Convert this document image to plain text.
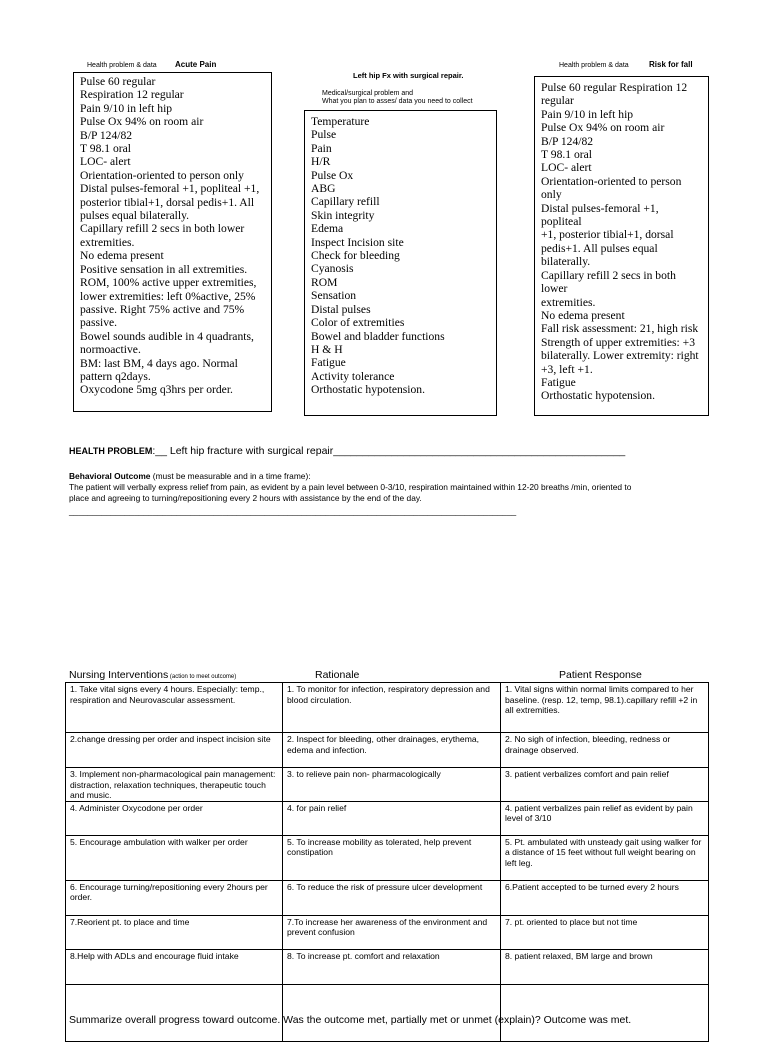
Health problem & data Acute Pain
Pulse 60 regular
Respiration 12 regular
Pain 9/10 in left hip
Pulse Ox 94% on room air
B/P 124/82
T 98.1 oral
LOC- alert
Orientation-oriented to person only
Distal pulses-femoral +1, popliteal +1,
posterior tibial+1, dorsal pedis+1. All
pulses equal bilaterally.
Capillary refill 2 secs in both lower
extremities.
No edema present
Positive sensation in all extremities.
ROM, 100% active upper extremities,
lower extremities: left 0%active, 25%
passive. Right 75% active and 75%
passive.
Bowel sounds audible in 4 quadrants,
normoactive.
BM: last BM, 4 days ago. Normal
pattern q2days.
Oxycodone 5mg q3hrs per order.
Left hip Fx with surgical repair.
Medical/surgical problem and
What you plan to asses/ data you need to collect
Temperature
Pulse
Pain
H/R
Pulse Ox
ABG
Capillary refill
Skin integrity
Edema
Inspect Incision site
Check for bleeding
Cyanosis
ROM
Sensation
Distal pulses
Color of extremities
Bowel and bladder functions
H & H
Fatigue
Activity tolerance
Orthostatic hypotension.
Health problem & data	Risk for fall
Pulse 60 regular Respiration 12
regular
Pain 9/10 in left hip
Pulse Ox 94% on room air
B/P 124/82
T 98.1 oral
LOC- alert
Orientation-oriented to person only
Distal pulses-femoral +1, popliteal
+1, posterior tibial+1, dorsal
pedis+1. All pulses equal
bilaterally.
Capillary refill 2 secs in both lower
extremities.
No edema present
Fall risk assessment: 21, high risk
Strength of upper extremities: +3
bilaterally. Lower extremity: right
+3, left +1.
Fatigue
Orthostatic hypotension.
HEALTH PROBLEM:__ Left hip fracture with surgical repair__________________________________________________
Behavioral Outcome (must be measurable and in a time frame):
The patient will verbally express relief from pain, as evident by a pain level between 0-3/10, respiration maintained within 12-20 breaths /min, oriented to
place and agreeing to turning/repositioning every 2 hours with assistance by the end of the day.
________________________________________________________________________________________________
Nursing Interventions (action to meet outcome)	Rationale	Patient Response
1. Take vital signs every 4 hours. Especially: temp., respiration and Neurovascular assessment.	1. To monitor for infection, respiratory depression and blood circulation.	1. Vital signs within normal limits compared to her baseline. (resp. 12, temp, 98.1).capillary refill +2 in all extremities.
2.change dressing per order and inspect incision site	2. Inspect for bleeding, other drainages, erythema, edema and infection.	2. No sigh of infection, bleeding, redness or drainage observed.
3. Implement non-pharmacological pain management: distraction, relaxation techniques, therapeutic touch and music.	3. to relieve pain non- pharmacologically	3. patient verbalizes comfort and pain relief
4. Administer Oxycodone per order	4. for pain relief	4. patient verbalizes pain relief as evident by pain level of 3/10
5. Encourage ambulation with walker per order	5. To increase mobility as tolerated, help prevent constipation	5. Pt. ambulated with unsteady gait using walker for a distance of 15 feet without full weight bearing on left leg.
6. Encourage turning/repositioning every 2hours per order.	6. To reduce the risk of pressure ulcer development	6.Patient accepted to be turned every 2 hours
7.Reorient pt. to place and time	7.To increase her awareness of the environment and prevent confusion	7. pt. oriented to place but not time
8.Help with ADLs and encourage fluid intake	8. To increase pt. comfort and relaxation	8. patient relaxed, BM large and brown

Summarize overall progress toward outcome. Was the outcome met, partially met or unmet (explain)? Outcome was met.
